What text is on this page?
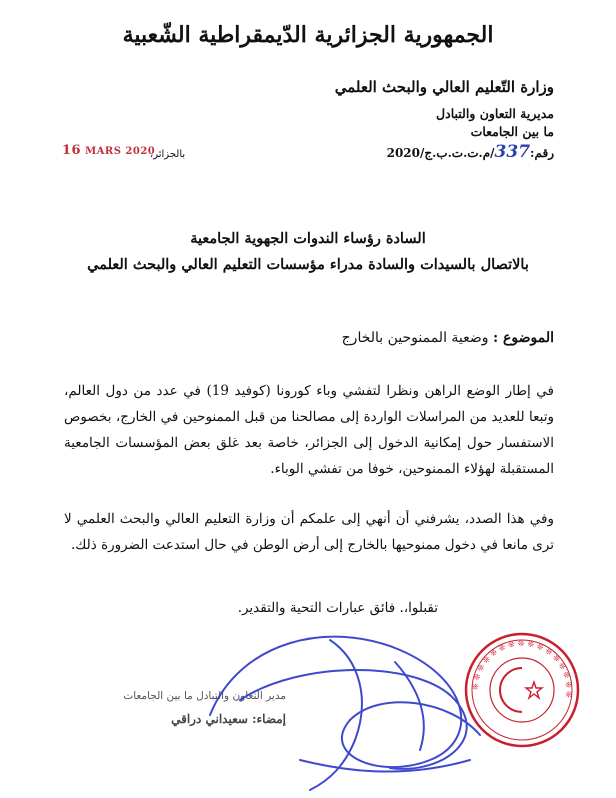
الجمهورية الجزائرية الدّيمقراطية الشّعبية
وزارة التّعليم العالي والبحث العلمي
مديرية التعاون والتبادل
ما بين الجامعات
رقم:337/م.ت.ت.ب.ج/2020
بالجزائر،
16 MARS 2020
السادة رؤساء الندوات الجهوية الجامعية
بالاتصال بالسيدات والسادة مدراء مؤسسات التعليم العالي والبحث العلمي
الموضوع : وضعية الممنوحين بالخارج
في إطار الوضع الراهن ونظرا لتفشي وباء كورونا (كوفيد 19) في عدد من دول العالم، وتبعا للعديد من المراسلات الواردة إلى مصالحنا من قبل الممنوحين في الخارج، بخصوص الاستفسار حول إمكانية الدخول إلى الجزائر، خاصة بعد غلق بعض المؤسسات الجامعية المستقبلة لهؤلاء الممنوحين، خوفا من تفشي الوباء.
وفي هذا الصدد، يشرفني أن أنهي إلى علمكم أن وزارة التعليم العالي والبحث العلمي لا ترى مانعا في دخول ممنوحيها بالخارج إلى أرض الوطن في حال استدعت الضرورة ذلك.
تقبلوا،. فائق عبارات التحية والتقدير.
مدير التعاون والتبادل ما بين الجامعات
إمضاء: سعيداني دراقي
❊ ❊ ❊ ❊ ❊ ❊ ❊ ❊ ❊ ❊ ❊ ❊ ❊ ❊ ❊ ❊
